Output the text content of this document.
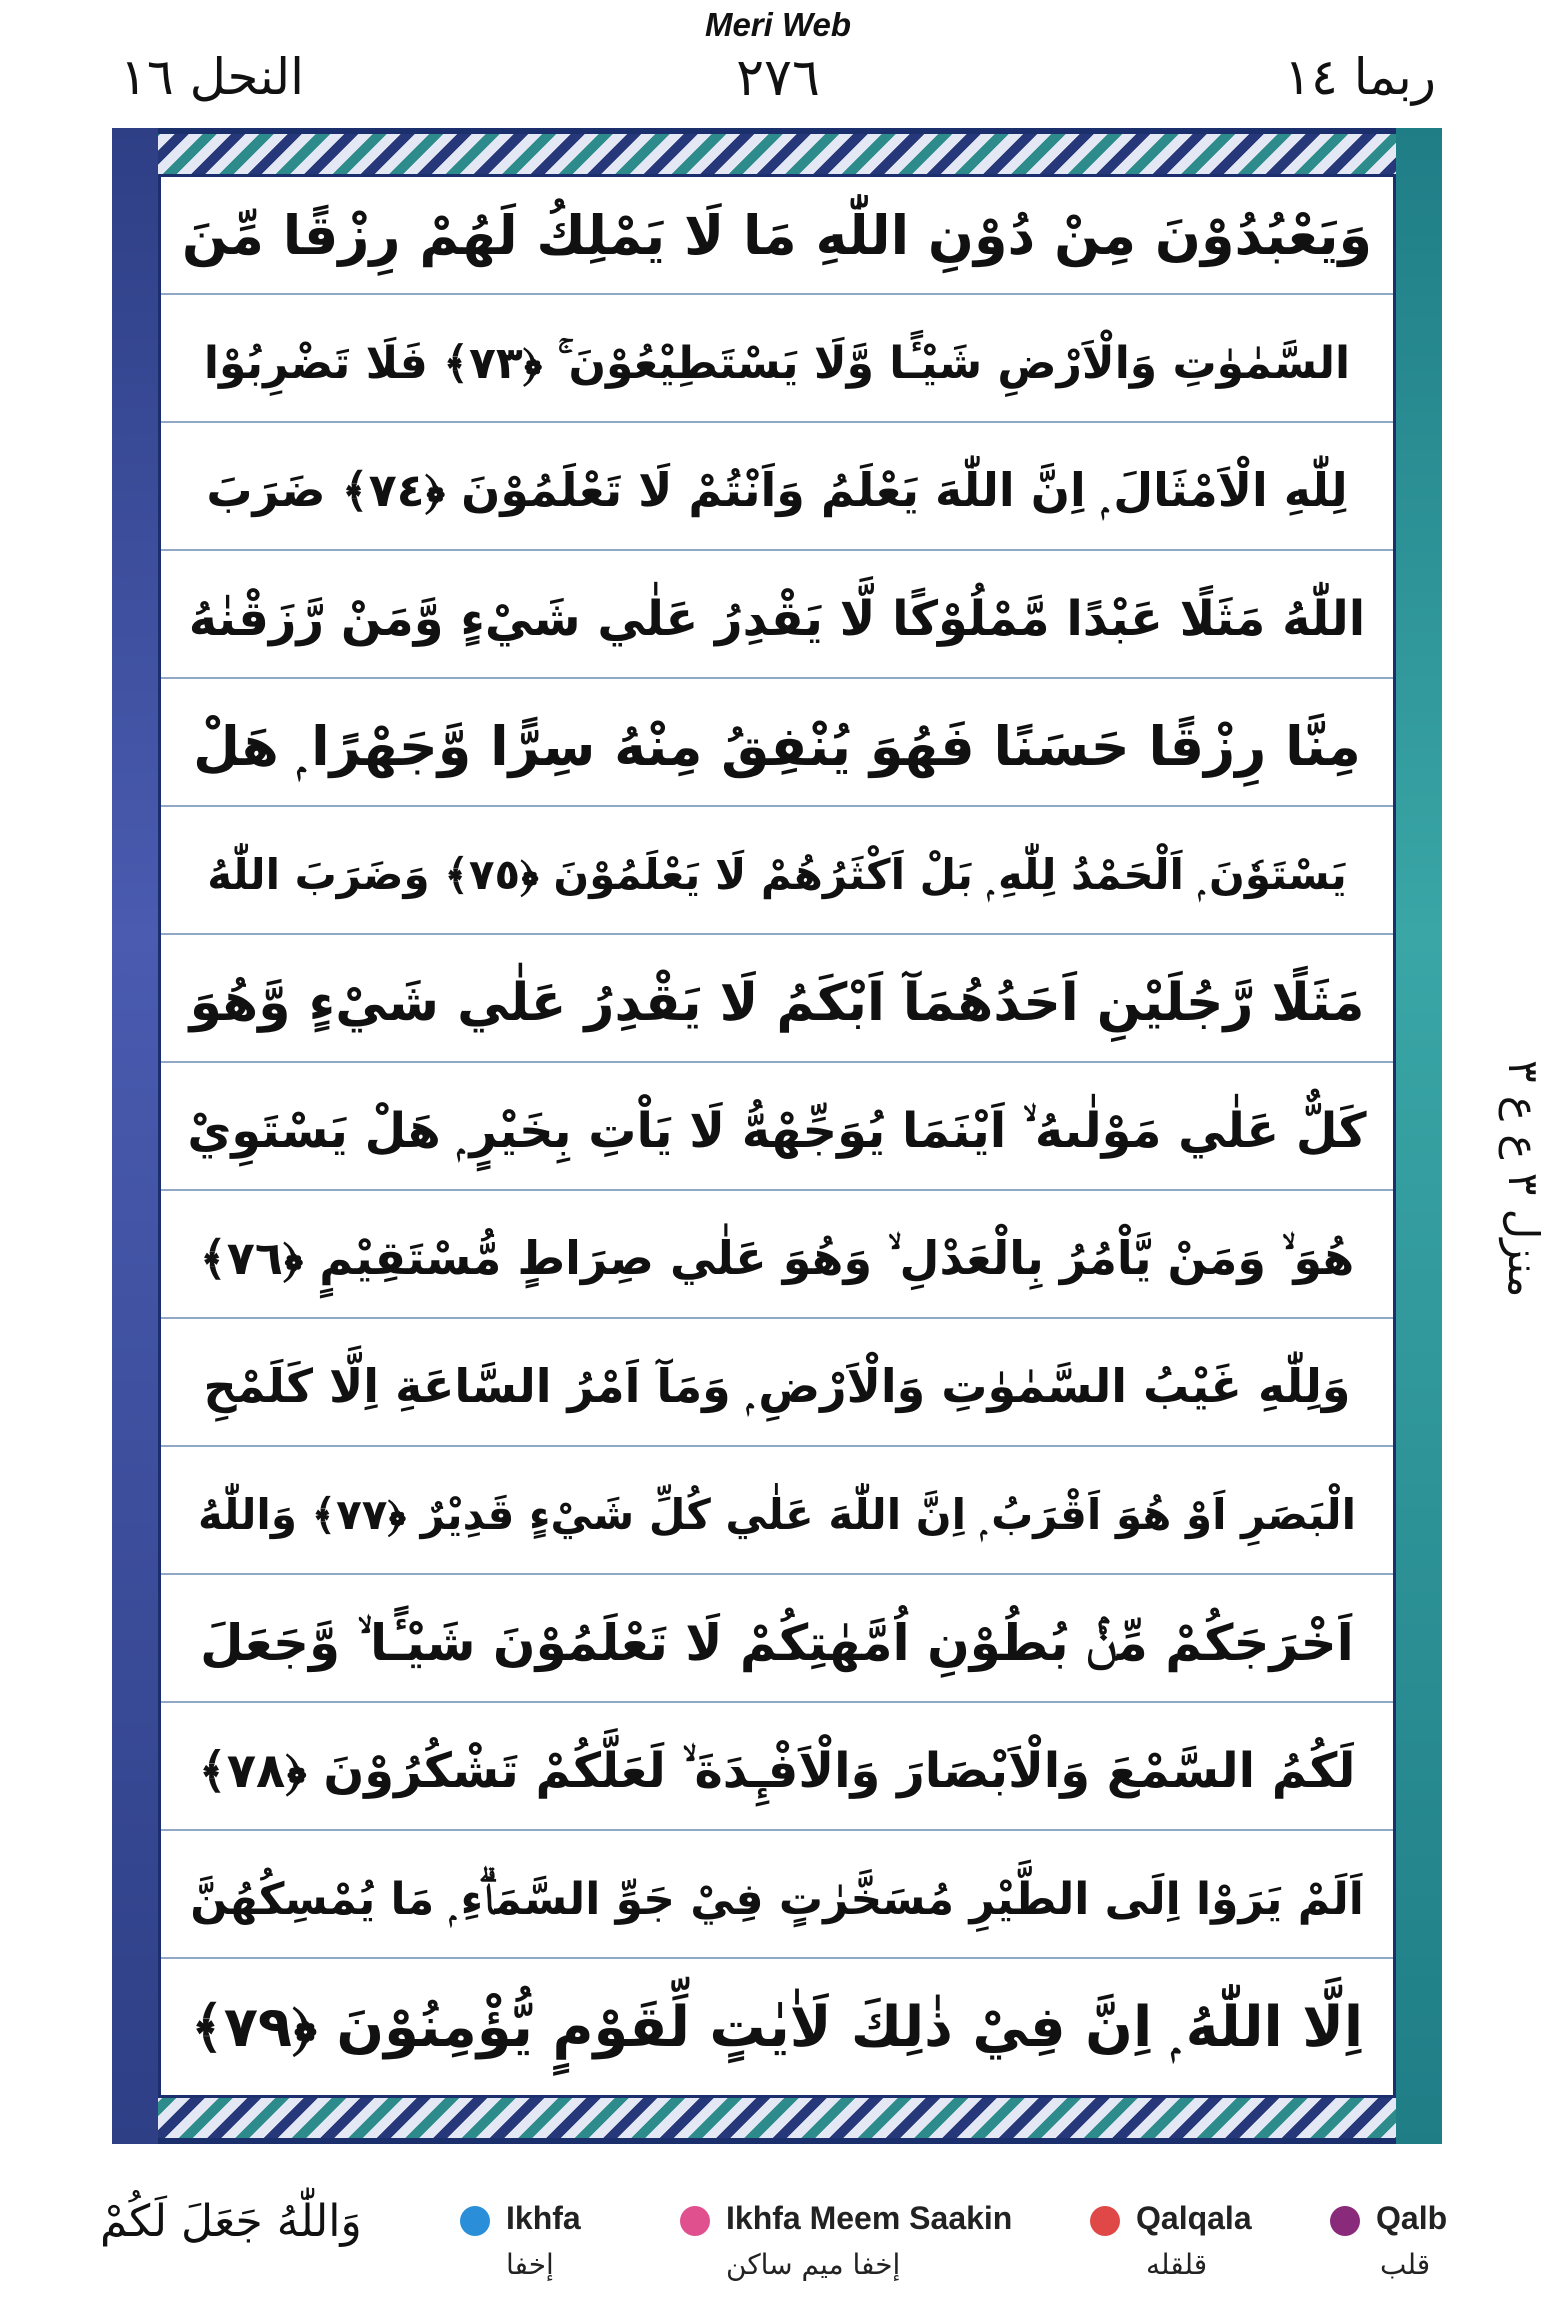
Meri Web
النحل ١٦	٢٧٦	ربما ١٤
وَيَعْبُدُوْنَ مِنْ دُوْنِ اللّٰهِ مَا لَا يَمْلِكُ لَهُمْ رِزْقًا مِّنَ
السَّمٰوٰتِ وَالْاَرْضِ شَيْـًٔا وَّلَا يَسْتَطِيْعُوْنَ ۚ ﴿٧٣﴾ فَلَا تَضْرِبُوْا
لِلّٰهِ الْاَمْثَالَ ۭ اِنَّ اللّٰهَ يَعْلَمُ وَاَنْتُمْ لَا تَعْلَمُوْنَ ﴿٧٤﴾ ضَرَبَ
اللّٰهُ مَثَلًا عَبْدًا مَّمْلُوْكًا لَّا يَقْدِرُ عَلٰي شَيْءٍ وَّمَنْ رَّزَقْنٰهُ
مِنَّا رِزْقًا حَسَنًا فَهُوَ يُنْفِقُ مِنْهُ سِرًّا وَّجَهْرًا ۭ هَلْ
يَسْتَوٗنَ ۭ اَلْحَمْدُ لِلّٰهِ ۭ بَلْ اَكْثَرُهُمْ لَا يَعْلَمُوْنَ ﴿٧٥﴾ وَضَرَبَ اللّٰهُ
مَثَلًا رَّجُلَيْنِ اَحَدُهُمَآ اَبْكَمُ لَا يَقْدِرُ عَلٰي شَيْءٍ وَّهُوَ
كَلٌّ عَلٰي مَوْلٰىهُ ۙ اَيْنَمَا يُوَجِّهْهُّ لَا يَاْتِ بِخَيْرٍ ۭ هَلْ يَسْتَوِيْ
هُوَ ۙ وَمَنْ يَّاْمُرُ بِالْعَدْلِ ۙ وَهُوَ عَلٰي صِرَاطٍ مُّسْتَقِيْمٍ ﴿٧٦﴾
وَلِلّٰهِ غَيْبُ السَّمٰوٰتِ وَالْاَرْضِ ۭ وَمَآ اَمْرُ السَّاعَةِ اِلَّا كَلَمْحِ
الْبَصَرِ اَوْ هُوَ اَقْرَبُ ۭ اِنَّ اللّٰهَ عَلٰي كُلِّ شَيْءٍ قَدِيْرٌ ﴿٧٧﴾ وَاللّٰهُ
اَخْرَجَكُمْ مِّنْۢ بُطُوْنِ اُمَّهٰتِكُمْ لَا تَعْلَمُوْنَ شَيْـًٔا ۙ وَّجَعَلَ
لَكُمُ السَّمْعَ وَالْاَبْصَارَ وَالْاَفْـِٕدَةَ ۙ لَعَلَّكُمْ تَشْكُرُوْنَ ﴿٧٨﴾
اَلَمْ يَرَوْا اِلَى الطَّيْرِ مُسَخَّرٰتٍ فِيْ جَوِّ السَّمَاۗءِ ۭ مَا يُمْسِكُهُنَّ
اِلَّا اللّٰهُ ۭ اِنَّ فِيْ ذٰلِكَ لَاٰيٰتٍ لِّقَوْمٍ يُّؤْمِنُوْنَ ﴿٧٩﴾
منزل ٣ ع ع ٣
وَاللّٰهُ جَعَلَ لَكُمْ	Ikhfa
إخفا
Ikhfa Meem Saakin
إخفا ميم ساكن
Qalqala
قلقله
Qalb
قلب
